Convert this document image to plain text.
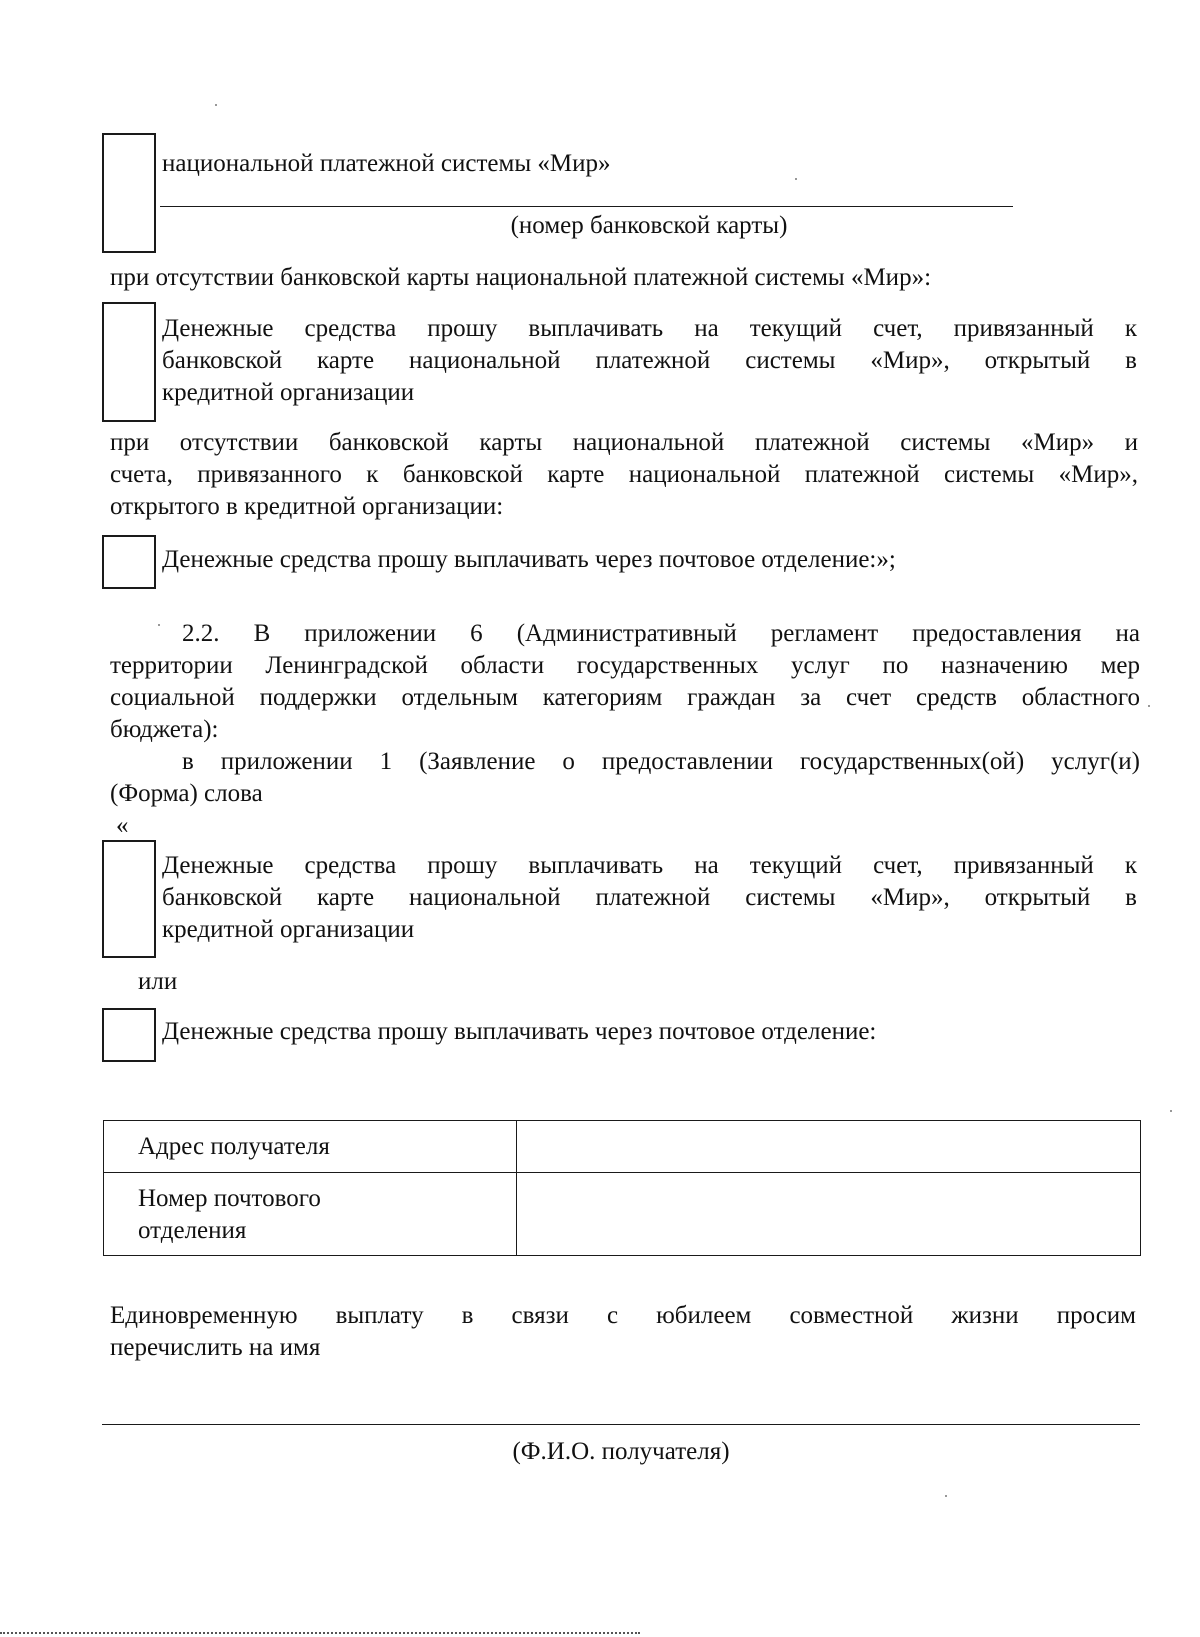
национальной платежной системы «Мир»
(номер банковской карты)
при отсутствии банковской карты национальной платежной системы «Мир»:
Денежные средства прошу выплачивать на текущий счет, привязанный к
банковской карте национальной платежной системы «Мир», открытый в
кредитной организации
при отсутствии банковской карты национальной платежной системы «Мир» и
счета, привязанного к банковской карте национальной платежной системы «Мир»,
открытого в кредитной организации:
Денежные средства прошу выплачивать через почтовое отделение:»;
2.2. В приложении 6 (Административный регламент предоставления на
территории Ленинградской области государственных услуг по назначению мер
социальной поддержки отдельным категориям граждан за счет средств областного
бюджета):
в приложении 1 (Заявление о предоставлении государственных(ой) услуг(и)
(Форма) слова
«
Денежные средства прошу выплачивать на текущий счет, привязанный к
банковской карте национальной платежной системы «Мир», открытый в
кредитной организации
или
Денежные средства прошу выплачивать через почтовое отделение:
Адрес получателя	

Номер почтового
отделения	

Единовременную выплату в связи с юбилеем совместной жизни просим
перечислить на имя
(Ф.И.О. получателя)
